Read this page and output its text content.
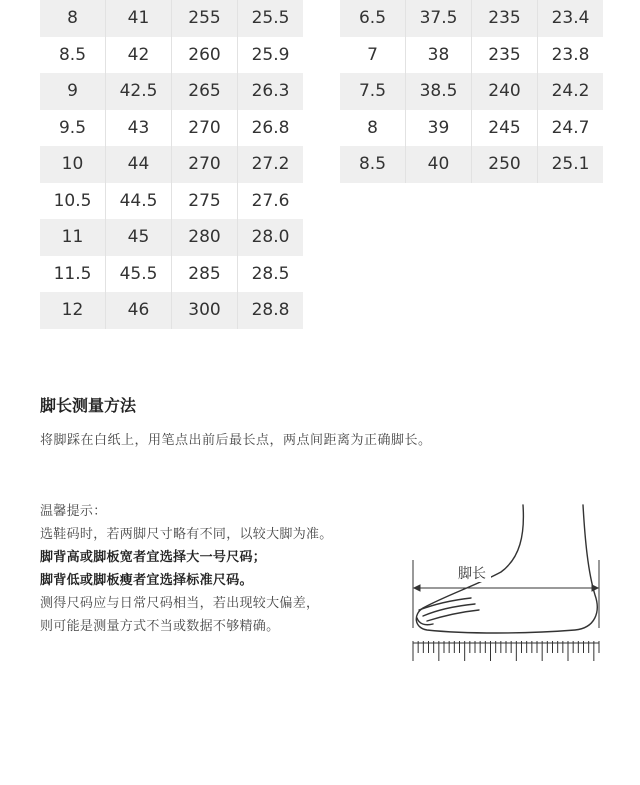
8	41	255	25.5
8.5	42	260	25.9
9	42.5	265	26.3
9.5	43	270	26.8
10	44	270	27.2
10.5	44.5	275	27.6
11	45	280	28.0
11.5	45.5	285	28.5
12	46	300	28.8
6.5	37.5	235	23.4
7	38	235	23.8
7.5	38.5	240	24.2
8	39	245	24.7
8.5	40	250	25.1
脚长测量方法
将脚踩在白纸上，用笔点出前后最长点，两点间距离为正确脚长。
温馨提示：
选鞋码时，若两脚尺寸略有不同，以较大脚为准。
脚背高或脚板宽者宜选择大一号尺码；
脚背低或脚板瘦者宜选择标准尺码。
测得尺码应与日常尺码相当，若出现较大偏差，
则可能是测量方式不当或数据不够精确。
脚长
